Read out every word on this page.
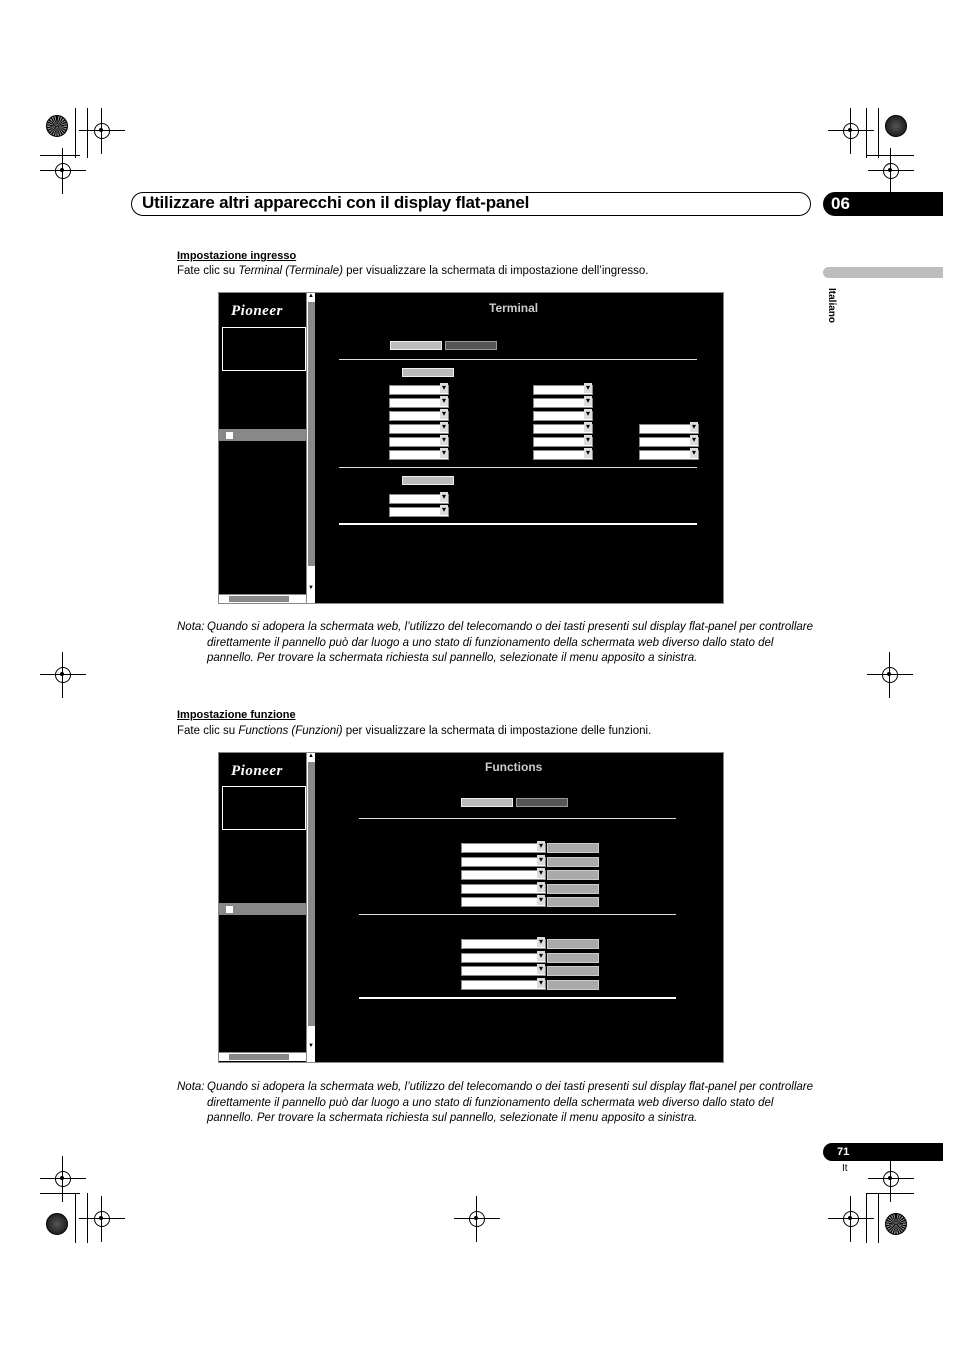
Utilizzare altri apparecchi con il display flat-panel	06
Italiano
Impostazione ingresso
Fate clic su Terminal (Terminale) per visualizzare la schermata di impostazione dell’ingresso.
Pioneer
▲
▼
Terminal
▾
▾
▾
▾
▾
▾
▾
▾
▾
▾
▾
▾
▾
▾
▾
▾
▾
Nota: Quando si adopera la schermata web, l’utilizzo del telecomando o dei tasti presenti sul display flat-panel per controllare direttamente il pannello può dar luogo a uno stato di funzionamento della schermata web diverso dallo stato del pannello. Per trovare la schermata richiesta sul pannello, selezionate il menu apposito a sinistra.
Impostazione funzione
Fate clic su Functions (Funzioni) per visualizzare la schermata di impostazione delle funzioni.
Pioneer
▲
▼
Functions
▾
▾
▾
▾
▾
▾
▾
▾
▾
Nota: Quando si adopera la schermata web, l’utilizzo del telecomando o dei tasti presenti sul display flat-panel per controllare direttamente il pannello può dar luogo a uno stato di funzionamento della schermata web diverso dallo stato del pannello. Per trovare la schermata richiesta sul pannello, selezionate il menu apposito a sinistra.
71
It
